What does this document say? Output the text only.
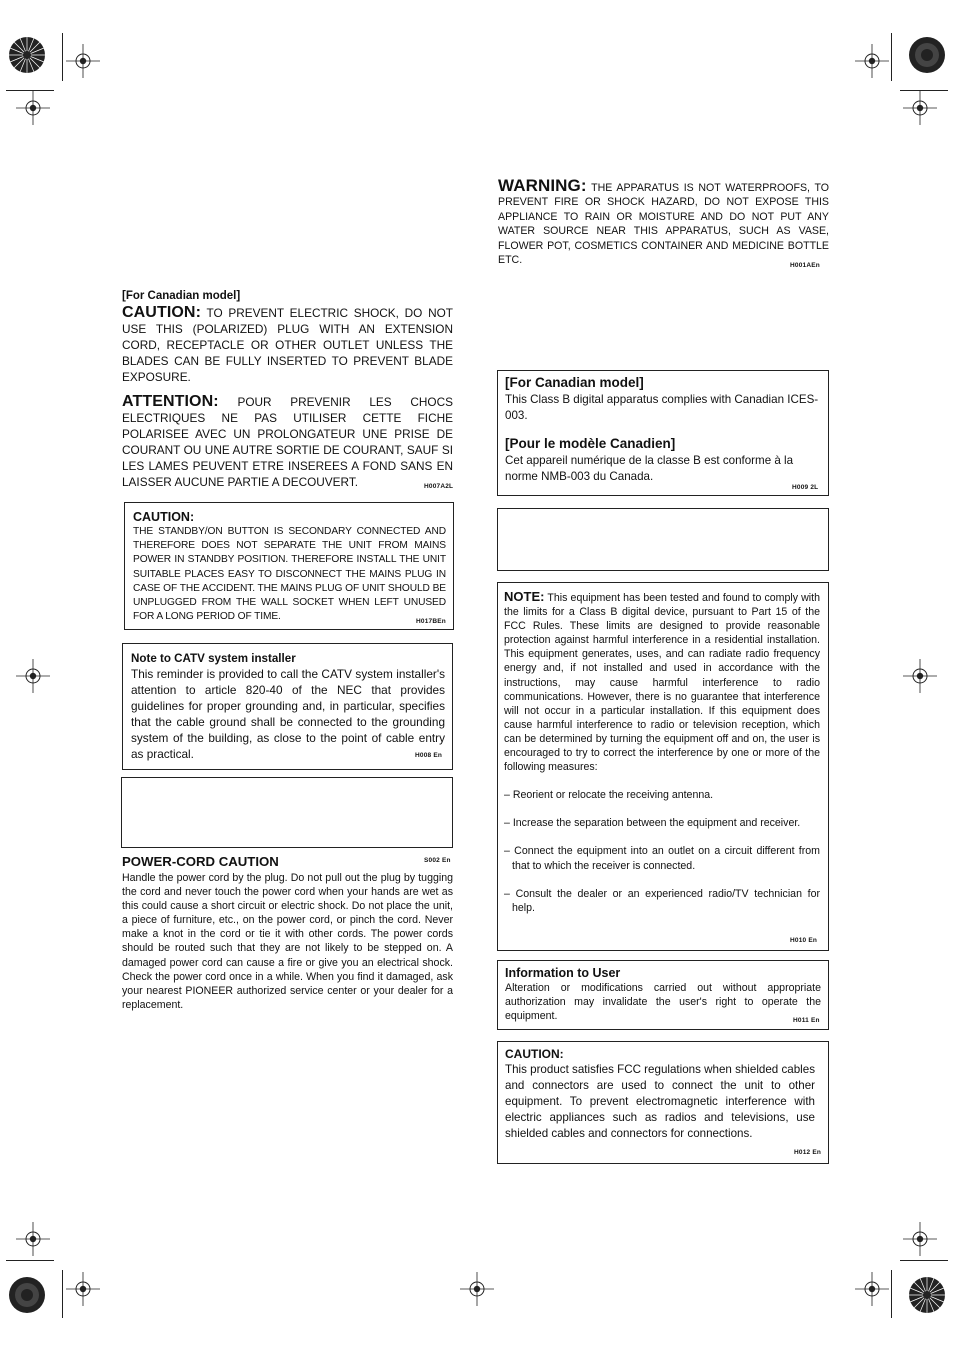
WARNING: THE APPARATUS IS NOT WATERPROOFS, TO PREVENT FIRE OR SHOCK HAZARD, DO NOT EXPOSE THIS APPLIANCE TO RAIN OR MOISTURE AND DO NOT PUT ANY WATER SOURCE NEAR THIS APPARATUS, SUCH AS VASE, FLOWER POT, COSMETICS CONTAINER AND MEDICINE BOTTLE ETC.	H001AEn

[For Canadian model]

This Class B digital apparatus complies with Canadian ICES-003.

[Pour le modèle Canadien]

Cet appareil numérique de la classe B est conforme à la norme NMB-003 du Canada.

H009 2L

NOTE: This equipment has been tested and found to comply with the limits for a Class B digital device, pursuant to Part 15 of the FCC Rules. These limits are designed to provide reasonable protection against harmful interference in a residential installation. This equipment generates, uses, and can radiate radio frequency energy and, if not installed and used in accordance with the instructions, may cause harmful interference to radio communications. However, there is no guarantee that interference will not occur in a particular installation. If this equipment does cause harmful interference to radio or television reception, which can be determined by turning the equipment off and on, the user is encouraged to try to correct the interference by one or more of the following measures:

– Reorient or relocate the receiving antenna.

– Increase the separation between the equipment and receiver.

– Connect the equipment into an outlet on a circuit different from that to which the receiver is connected.

– Consult the dealer or an experienced radio/TV technician for help.

H010 En

Information to User

Alteration or modifications carried out without appropriate authorization may invalidate the user's right to operate the equipment.	H011 En

CAUTION:

This product satisfies FCC regulations when shielded cables and connectors are used to connect the unit to other equipment. To prevent electromagnetic interference with electric appliances such as radios and televisions, use shielded cables and connectors for connections.

H012 En

[For Canadian model]

CAUTION: TO PREVENT ELECTRIC SHOCK, DO NOT USE THIS (POLARIZED) PLUG WITH AN EXTENSION CORD, RECEPTACLE OR OTHER OUTLET UNLESS THE BLADES CAN BE FULLY INSERTED TO PREVENT BLADE EXPOSURE.

ATTENTION: POUR PREVENIR LES CHOCS ELECTRIQUES NE PAS UTILISER CETTE FICHE POLARISEE AVEC UN PROLONGATEUR UNE PRISE DE COURANT OU UNE AUTRE SORTIE DE COURANT, SAUF SI LES LAMES PEUVENT ETRE INSEREES A FOND SANS EN LAISSER AUCUNE PARTIE A DECOUVERT.	H007A2L

CAUTION:

THE STANDBY/ON BUTTON IS SECONDARY CONNECTED AND THEREFORE DOES NOT SEPARATE THE UNIT FROM MAINS POWER IN STANDBY POSITION. THEREFORE INSTALL THE UNIT SUITABLE PLACES EASY TO DISCONNECT THE MAINS PLUG IN CASE OF THE ACCIDENT. THE MAINS PLUG OF UNIT SHOULD BE UNPLUGGED FROM THE WALL SOCKET WHEN LEFT UNUSED FOR A LONG PERIOD OF TIME.	H017BEn

Note to CATV system installer

This reminder is provided to call the CATV system installer's attention to article 820-40 of the NEC that provides guidelines for proper grounding and, in particular, specifies that the cable ground shall be connected to the grounding system of the building, as close to the point of cable entry as practical.	H008 En

POWER-CORD CAUTION

Handle the power cord by the plug. Do not pull out the plug by tugging the cord and never touch the power cord when your hands are wet as this could cause a short circuit or electric shock. Do not place the unit, a piece of furniture, etc., on the power cord, or pinch the cord. Never make a knot in the cord or tie it with other cords. The power cords should be routed such that they are not likely to be stepped on. A damaged power cord can cause a fire or give you an electrical shock. Check the power cord once in a while. When you find it damaged, ask your nearest PIONEER authorized service center or your dealer for a replacement.

S002 En
